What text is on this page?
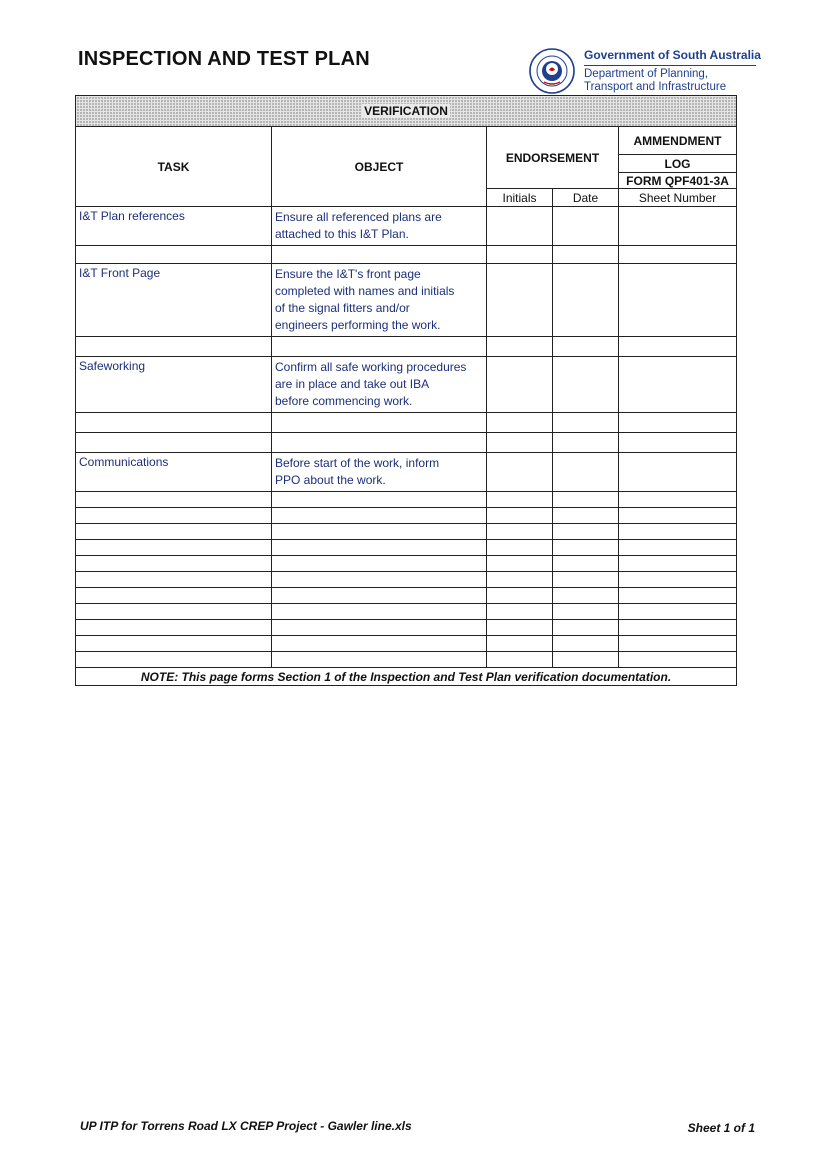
INSPECTION AND TEST PLAN	Government of South Australia
Department of Planning,
Transport and Infrastructure
VERIFICATION				
TASK	OBJECT	ENDORSEMENT		AMMENDMENT
				LOG
				FORM QPF401-3A
		Initials	Date	Sheet Number
I&T Plan references	Ensure all referenced plans are
attached to this I&T Plan.			

I&T Front Page	Ensure the I&T's front page
completed with names and initials
of the signal fitters and/or
engineers performing the work.			

Safeworking	Confirm all safe working procedures
are in place and take out IBA
before commencing work.			

Communications	Before start of the work, inform
PPO about the work.			

NOTE: This page forms Section 1 of the Inspection and Test Plan verification documentation.				
UP ITP for Torrens Road LX CREP Project - Gawler line.xls	Sheet 1 of 1
